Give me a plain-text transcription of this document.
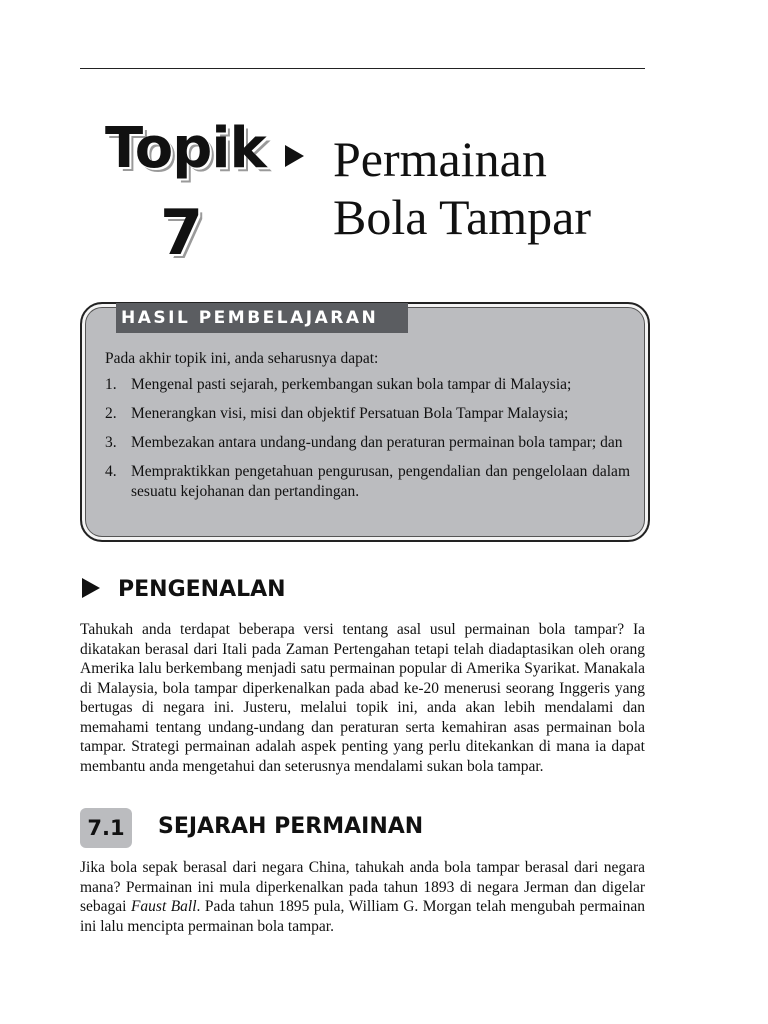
Topik
7
Permainan
Bola Tampar
HASIL PEMBELAJARAN
Pada akhir topik ini, anda seharusnya dapat:
1. Mengenal pasti sejarah, perkembangan sukan bola tampar di Malaysia;
2. Menerangkan visi, misi dan objektif Persatuan Bola Tampar Malaysia;
3. Membezakan antara undang-undang dan peraturan permainan bola tampar; dan
4. Mempraktikkan pengetahuan pengurusan, pengendalian dan pengelolaan dalam sesuatu kejohanan dan pertandingan.
PENGENALAN

Tahukah anda terdapat beberapa versi tentang asal usul permainan bola tampar? Ia dikatakan berasal dari Itali pada Zaman Pertengahan tetapi telah diadaptasikan oleh orang Amerika lalu berkembang menjadi satu permainan popular di Amerika Syarikat. Manakala di Malaysia, bola tampar diperkenalkan pada abad ke-20 menerusi seorang Inggeris yang bertugas di negara ini. Justeru, melalui topik ini, anda akan lebih mendalami dan memahami tentang undang-undang dan peraturan serta kemahiran asas permainan bola tampar. Strategi permainan adalah aspek penting yang perlu ditekankan di mana ia dapat membantu anda mengetahui dan seterusnya mendalami sukan bola tampar.

7.1	SEJARAH PERMAINAN

Jika bola sepak berasal dari negara China, tahukah anda bola tampar berasal dari negara mana? Permainan ini mula diperkenalkan pada tahun 1893 di negara Jerman dan digelar sebagai Faust Ball. Pada tahun 1895 pula, William G. Morgan telah mengubah permainan ini lalu mencipta permainan bola tampar.
